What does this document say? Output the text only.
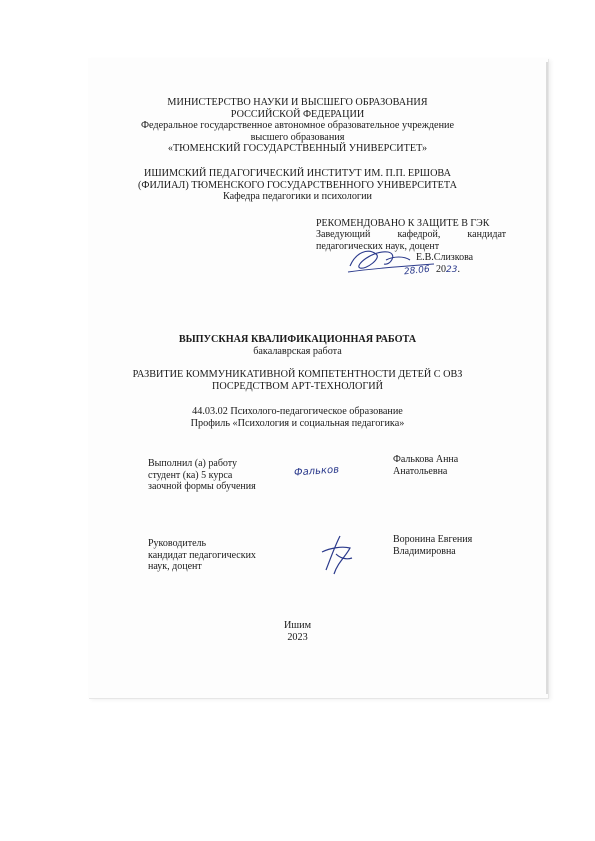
МИНИСТЕРСТВО НАУКИ И ВЫСШЕГО ОБРАЗОВАНИЯ
РОССИЙСКОЙ ФЕДЕРАЦИИ
Федеральное государственное автономное образовательное учреждение
высшего образования
«ТЮМЕНСКИЙ ГОСУДАРСТВЕННЫЙ УНИВЕРСИТЕТ»
ИШИМСКИЙ ПЕДАГОГИЧЕСКИЙ ИНСТИТУТ ИМ. П.П. ЕРШОВА
(ФИЛИАЛ) ТЮМЕНСКОГО ГОСУДАРСТВЕННОГО УНИВЕРСИТЕТА
Кафедра педагогики и психологии
РЕКОМЕНДОВАНО К ЗАЩИТЕ В ГЭК
Заведующий	кафедрой,	кандидат
педагогических наук, доцент
Е.В.Слизкова
2023.
28.06
ВЫПУСКНАЯ КВАЛИФИКАЦИОННАЯ РАБОТА
бакалаврская работа
РАЗВИТИЕ КОММУНИКАТИВНОЙ КОМПЕТЕНТНОСТИ ДЕТЕЙ С ОВЗ
ПОСРЕДСТВОМ АРТ-ТЕХНОЛОГИЙ
44.03.02 Психолого-педагогическое образование
Профиль «Психология и социальная педагогика»
Выполнил (а) работу
студент (ка) 5 курса
заочной формы обучения
Фальков
Фалькова Анна
Анатольевна
Руководитель
кандидат педагогических
наук, доцент
Воронина Евгения
Владимировна
Ишим
2023
